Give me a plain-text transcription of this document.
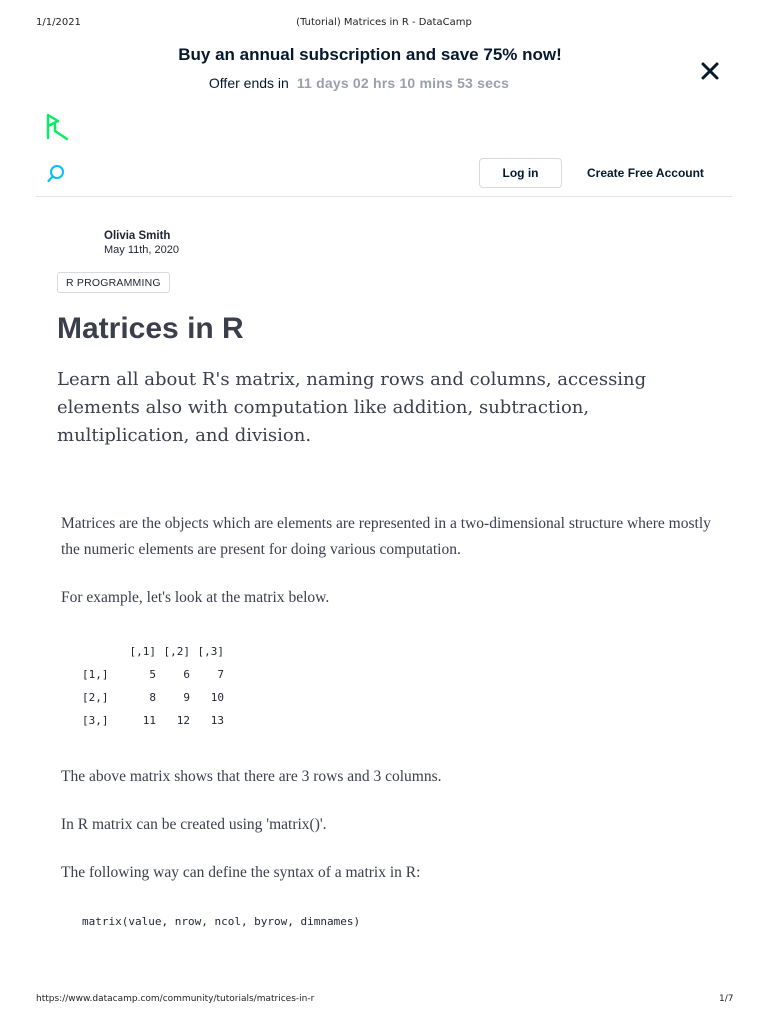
1/1/2021	(Tutorial) Matrices in R - DataCamp
Buy an annual subscription and save 75% now!
Offer ends in 11 days 02 hrs 10 mins 53 secs
Log in	Create Free Account
Olivia Smith
May 11th, 2020
R PROGRAMMING
Matrices in R
Learn all about R's matrix, naming rows and columns, accessing elements also with computation like addition, subtraction, multiplication, and division.

Matrices are the objects which are elements are represented in a two-dimensional structure where mostly the numeric elements are present for doing various computation.

For example, let's look at the matrix below.

[,1] [,2] [,3]
[1,]	5	6	7
[2,]	8	9	10
[3,]	11	12	13

The above matrix shows that there are 3 rows and 3 columns.

In R matrix can be created using 'matrix()'.

The following way can define the syntax of a matrix in R:

matrix(value, nrow, ncol, byrow, dimnames)
https://www.datacamp.com/community/tutorials/matrices-in-r	1/7
